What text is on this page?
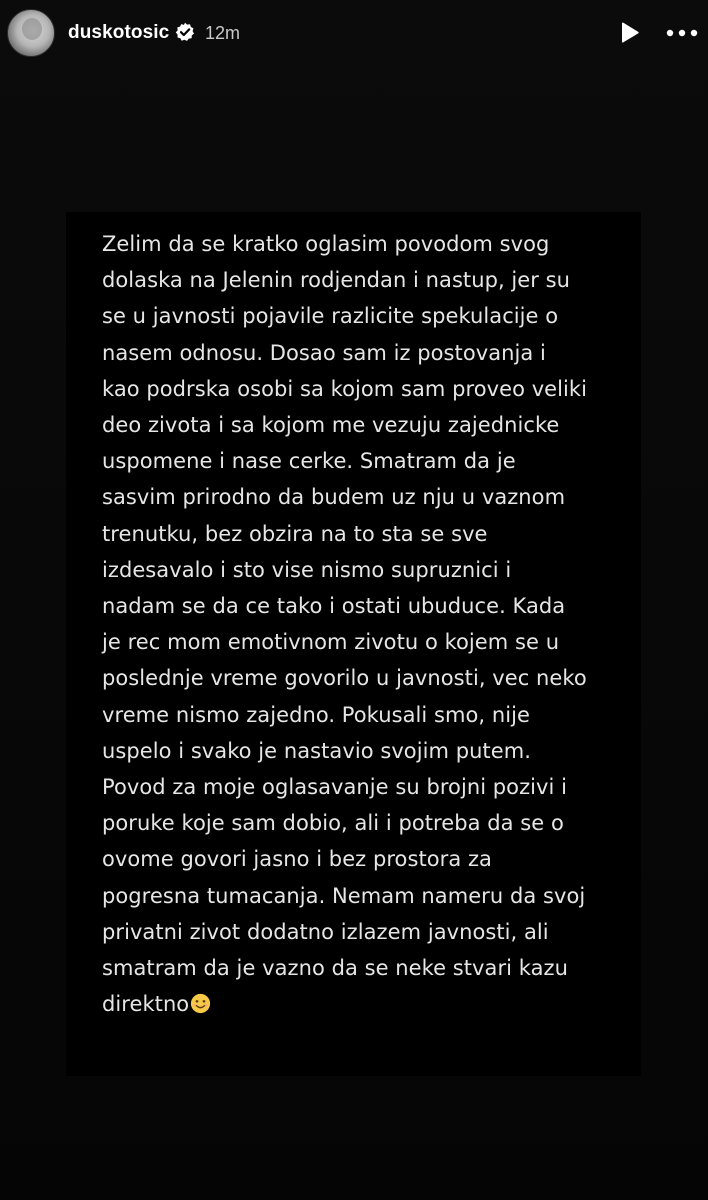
duskotosic 12m

Zelim da se kratko oglasim povodom svog
dolaska na Jelenin rodjendan i nastup, jer su
se u javnosti pojavile razlicite spekulacije o
nasem odnosu. Dosao sam iz postovanja i
kao podrska osobi sa kojom sam proveo veliki
deo zivota i sa kojom me vezuju zajednicke
uspomene i nase cerke. Smatram da je
sasvim prirodno da budem uz nju u vaznom
trenutku, bez obzira na to sta se sve
izdesavalo i sto vise nismo supruznici i
nadam se da ce tako i ostati ubuduce. Kada
je rec mom emotivnom zivotu o kojem se u
poslednje vreme govorilo u javnosti, vec neko
vreme nismo zajedno. Pokusali smo, nije
uspelo i svako je nastavio svojim putem.
Povod za moje oglasavanje su brojni pozivi i
poruke koje sam dobio, ali i potreba da se o
ovome govori jasno i bez prostora za
pogresna tumacanja. Nemam nameru da svoj
privatni zivot dodatno izlazem javnosti, ali
smatram da je vazno da se neke stvari kazu
direktno
